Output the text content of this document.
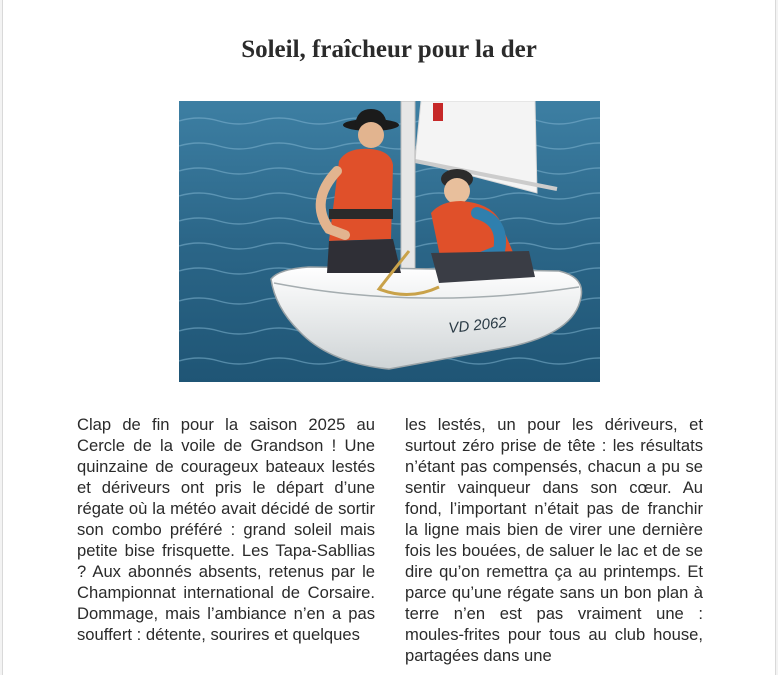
Soleil, fraîcheur pour la der
VD 2062

Clap de fin pour la saison 2025 au Cercle de la voile de Grandson ! Une quinzaine de courageux bateaux lestés et dériveurs ont pris le départ d’une régate où la météo avait décidé de sortir son combo préféré : grand soleil mais petite bise frisquette. Les Tapa-Sabllias ? Aux abonnés absents, retenus par le Championnat international de Corsaire. Dommage, mais l’ambiance n’en a pas souffert : détente, sourires et quelques

les lestés, un pour les dériveurs, et surtout zéro prise de tête : les résultats n’étant pas compensés, chacun a pu se sentir vainqueur dans son cœur. Au fond, l’important n’était pas de franchir la ligne mais bien de virer une dernière fois les bouées, de saluer le lac et de se dire qu’on remettra ça au printemps. Et parce qu’une régate sans un bon plan à terre n’en est pas vraiment une : moules-frites pour tous au club house, partagées dans une
